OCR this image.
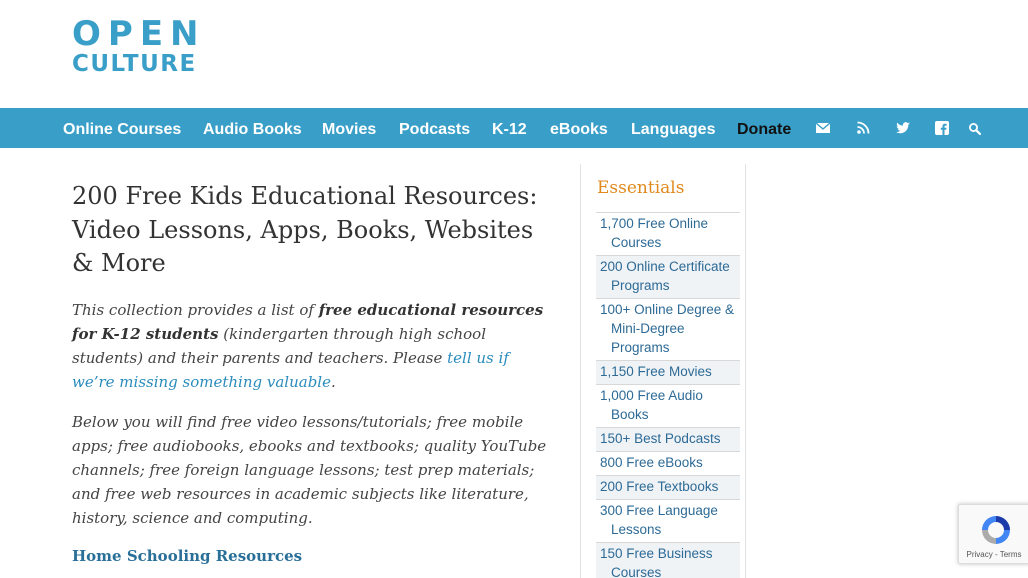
OPEN
CULTURE
Online Courses Audio Books Movies Podcasts K-12 eBooks Languages Donate
200 Free Kids Educational Resources: Video Lessons, Apps, Books, Websites & More

This collection provides a list of free educational resources for K-12 students (kindergarten through high school students) and their parents and teachers. Please tell us if we’re missing something valuable.

Below you will find free video lessons/tutorials; free mobile apps; free audiobooks, ebooks and textbooks; quality YouTube channels; free foreign language lessons; test prep materials; and free web resources in academic subjects like literature, history, science and computing.

Home Schooling Resources
Essentials
1,700 Free Online Courses
200 Online Certificate Programs
100+ Online Degree & Mini-Degree Programs
1,150 Free Movies
1,000 Free Audio Books
150+ Best Podcasts
800 Free eBooks
200 Free Textbooks
300 Free Language Lessons
150 Free Business Courses
Privacy - Terms
